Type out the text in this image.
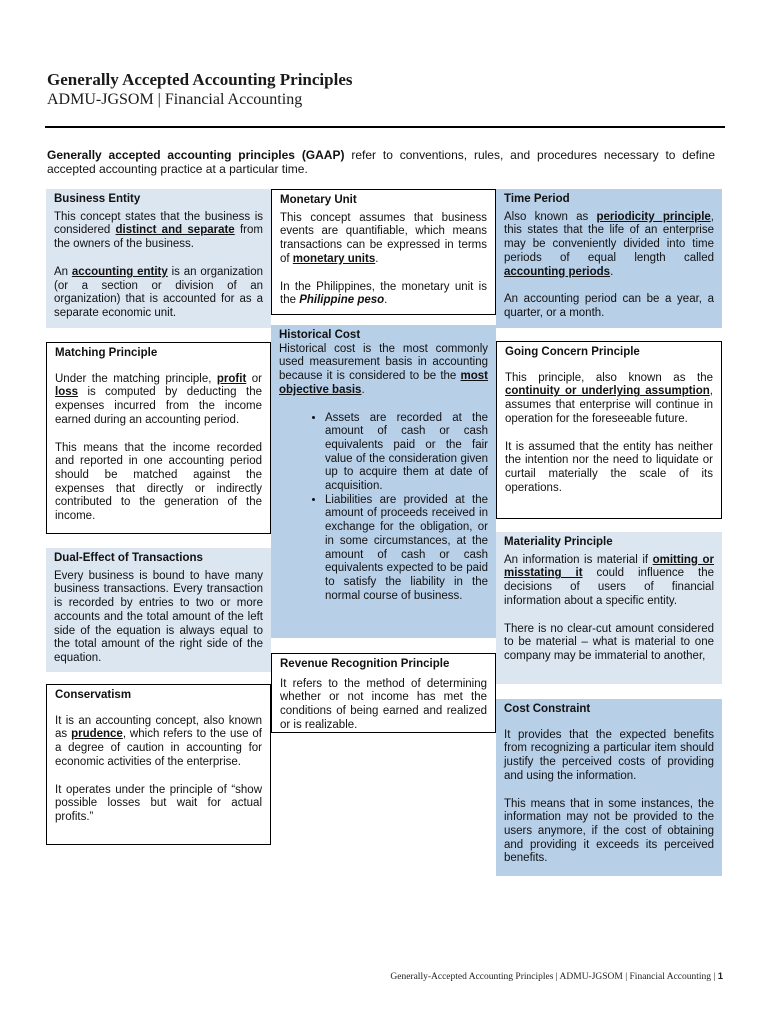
Generally Accepted Accounting Principles
ADMU-JGSOM | Financial Accounting

Generally accepted accounting principles (GAAP) refer to conventions, rules, and procedures necessary to define accepted accounting practice at a particular time.

Business Entity

This concept states that the business is considered distinct and separate from the owners of the business.

An accounting entity is an organization (or a section or division of an organization) that is accounted for as a separate economic unit.

Matching Principle

Under the matching principle, profit or loss is computed by deducting the expenses incurred from the income earned during an accounting period.

This means that the income recorded and reported in one accounting period should be matched against the expenses that directly or indirectly contributed to the generation of the income.

Dual-Effect of Transactions

Every business is bound to have many business transactions. Every transaction is recorded by entries to two or more accounts and the total amount of the left side of the equation is always equal to the total amount of the right side of the equation.

Conservatism

It is an accounting concept, also known as prudence, which refers to the use of a degree of caution in accounting for economic activities of the enterprise.

It operates under the principle of “show possible losses but wait for actual profits.”

Monetary Unit

This concept assumes that business events are quantifiable, which means transactions can be expressed in terms of monetary units.

In the Philippines, the monetary unit is the Philippine peso.

Historical Cost

Historical cost is the most commonly used measurement basis in accounting because it is considered to be the most objective basis.

• Assets are recorded at the amount of cash or cash equivalents paid or the fair value of the consideration given up to acquire them at date of acquisition.
• Liabilities are provided at the amount of proceeds received in exchange for the obligation, or in some circumstances, at the amount of cash or cash equivalents expected to be paid to satisfy the liability in the normal course of business.
Revenue Recognition Principle

It refers to the method of determining whether or not income has met the conditions of being earned and realized or is realizable.

Time Period

Also known as periodicity principle, this states that the life of an enterprise may be conveniently divided into time periods of equal length called accounting periods.

An accounting period can be a year, a quarter, or a month.

Going Concern Principle

This principle, also known as the continuity or underlying assumption, assumes that enterprise will continue in operation for the foreseeable future.

It is assumed that the entity has neither the intention nor the need to liquidate or curtail materially the scale of its operations.

Materiality Principle

An information is material if omitting or misstating it could influence the decisions of users of financial information about a specific entity.

There is no clear-cut amount considered to be material – what is material to one company may be immaterial to another,

Cost Constraint

It provides that the expected benefits from recognizing a particular item should justify the perceived costs of providing and using the information.

This means that in some instances, the information may not be provided to the users anymore, if the cost of obtaining and providing it exceeds its perceived benefits.

Generally-Accepted Accounting Principles | ADMU-JGSOM | Financial Accounting | 1
